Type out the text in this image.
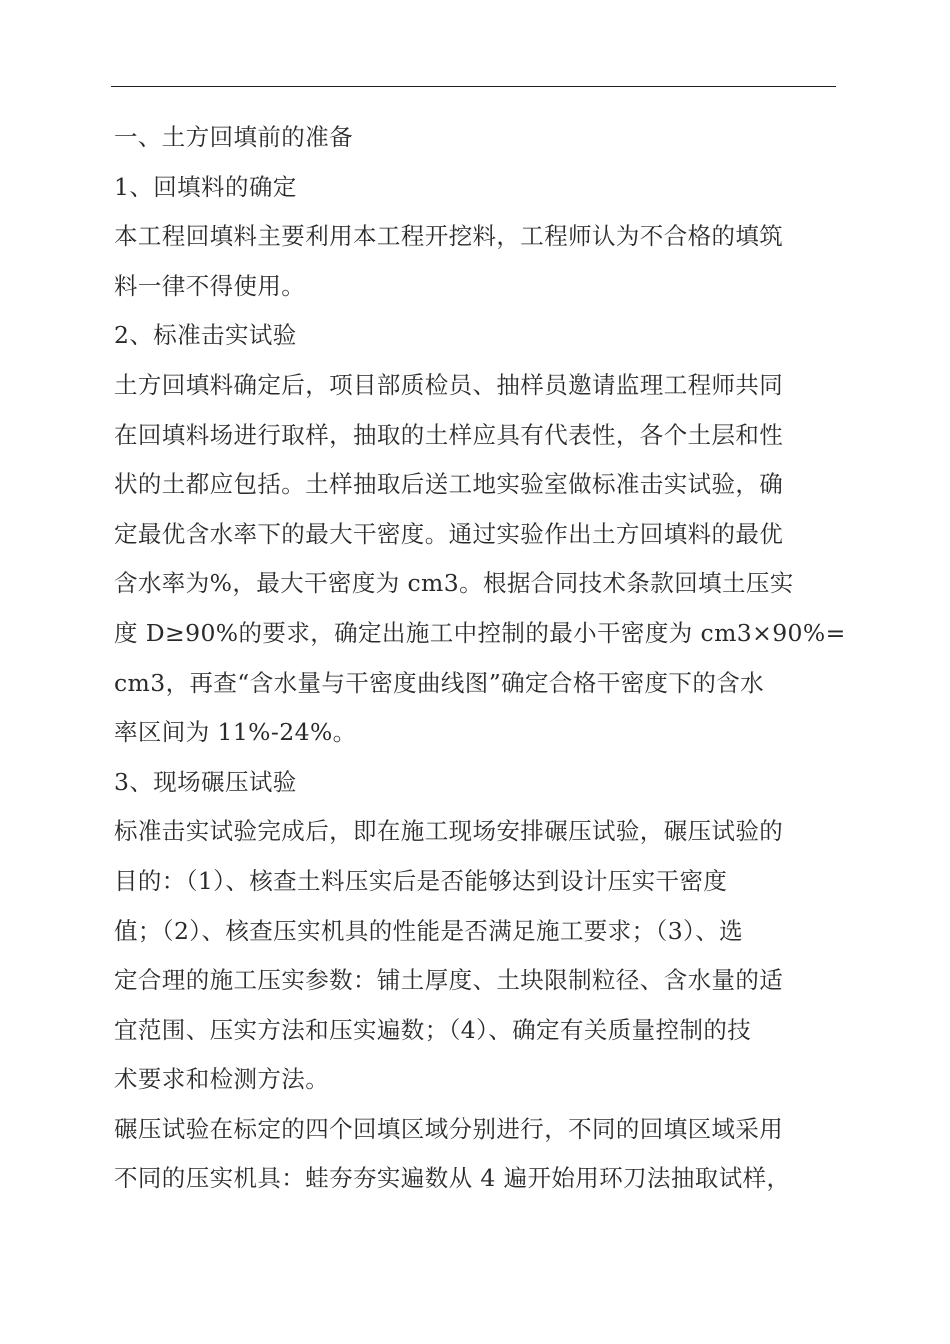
一、土方回填前的准备

1、回填料的确定

本工程回填料主要利用本工程开挖料，工程师认为不合格的填筑
料一律不得使用。

2、标准击实试验

土方回填料确定后，项目部质检员、抽样员邀请监理工程师共同
在回填料场进行取样，抽取的土样应具有代表性，各个土层和性
状的土都应包括。土样抽取后送工地实验室做标准击实试验，确
定最优含水率下的最大干密度。通过实验作出土方回填料的最优
含水率为%，最大干密度为 cm3。根据合同技术条款回填土压实
度 D≥90%的要求，确定出施工中控制的最小干密度为 cm3×90%=
cm3，再查“含水量与干密度曲线图”确定合格干密度下的含水
率区间为 11%-24%。

3、现场碾压试验

标准击实试验完成后，即在施工现场安排碾压试验，碾压试验的
目的：（1）、核查土料压实后是否能够达到设计压实干密度
值；（2）、核查压实机具的性能是否满足施工要求；（3）、选
定合理的施工压实参数：铺土厚度、土块限制粒径、含水量的适
宜范围、压实方法和压实遍数；（4）、确定有关质量控制的技
术要求和检测方法。

碾压试验在标定的四个回填区域分别进行，不同的回填区域采用
不同的压实机具：蛙夯夯实遍数从 4 遍开始用环刀法抽取试样，
